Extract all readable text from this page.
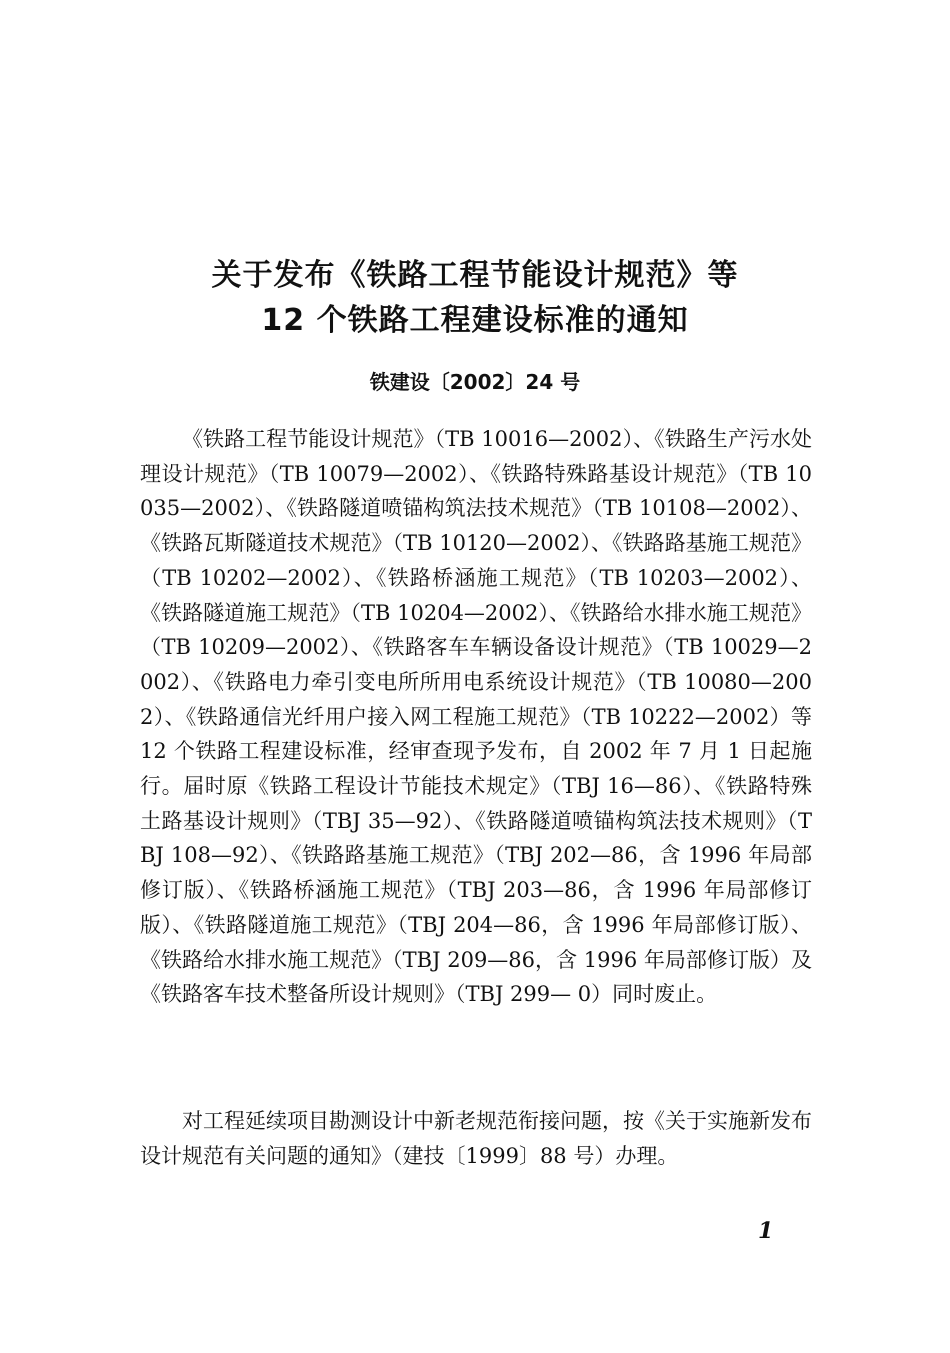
关于发布《铁路工程节能设计规范》等
12 个铁路工程建设标准的通知
铁建设〔2002〕24 号

《铁路工程节能设计规范》（TB 10016—2002）、《铁路生产污水处理设计规范》（TB 10079—2002）、《铁路特殊路基设计规范》（TB 10035—2002）、《铁路隧道喷锚构筑法技术规范》（TB 10108—2002）、《铁路瓦斯隧道技术规范》（TB 10120—2002）、《铁路路基施工规范》（TB 10202—2002）、《铁路桥涵施工规范》（TB 10203—2002）、《铁路隧道施工规范》（TB 10204—2002）、《铁路给水排水施工规范》（TB 10209—2002）、《铁路客车车辆设备设计规范》（TB 10029—2002）、《铁路电力牵引变电所所用电系统设计规范》（TB 10080—2002）、《铁路通信光纤用户接入网工程施工规范》（TB 10222—2002）等 12 个铁路工程建设标准，经审查现予发布，自 2002 年 7 月 1 日起施行。届时原《铁路工程设计节能技术规定》（TBJ 16—86）、《铁路特殊土路基设计规则》（TBJ 35—92）、《铁路隧道喷锚构筑法技术规则》（TBJ 108—92）、《铁路路基施工规范》（TBJ 202—86，含 1996 年局部修订版）、《铁路桥涵施工规范》（TBJ 203—86，含 1996 年局部修订版）、《铁路隧道施工规范》（TBJ 204—86，含 1996 年局部修订版）、《铁路给水排水施工规范》（TBJ 209—86，含 1996 年局部修订版）及《铁路客车技术整备所设计规则》（TBJ 299— 0）同时废止。

对工程延续项目勘测设计中新老规范衔接问题，按《关于实施新发布设计规范有关问题的通知》（建技〔1999〕88 号）办理。

1
